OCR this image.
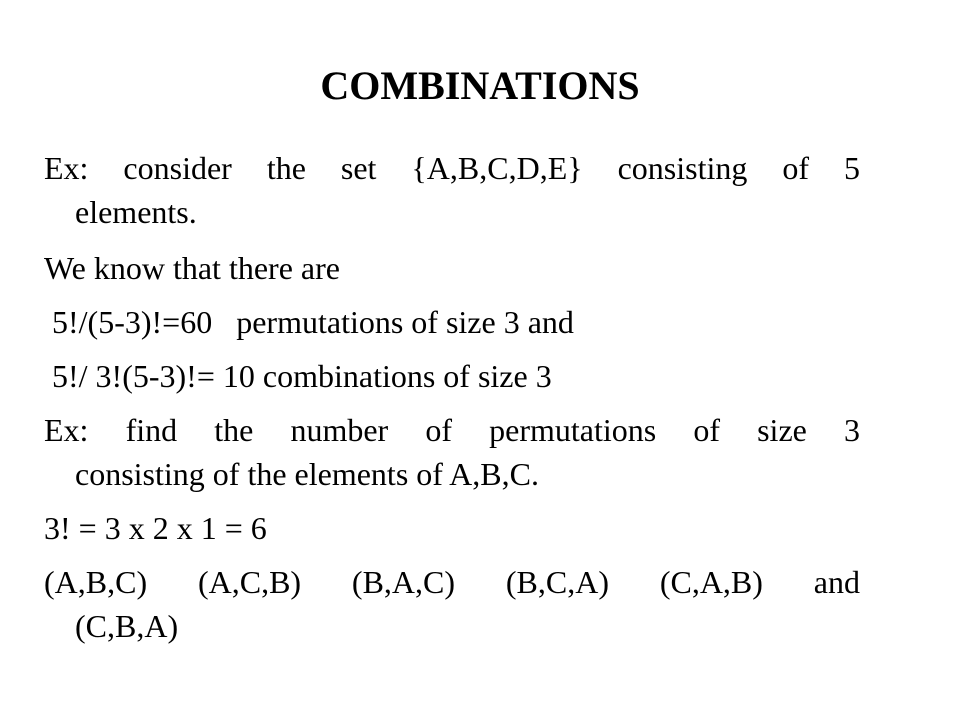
COMBINATIONS
Ex: consider the set {A,B,C,D,E} consisting of 5
elements.
We know that there are
5!/(5-3)!=60   permutations of size 3 and
5!/ 3!(5-3)!= 10 combinations of size 3
Ex: find the number of permutations of size 3
consisting of the elements of A,B,C.
3! = 3 x 2 x 1 = 6
(A,B,C) (A,C,B) (B,A,C) (B,C,A) (C,A,B) and
(C,B,A)
